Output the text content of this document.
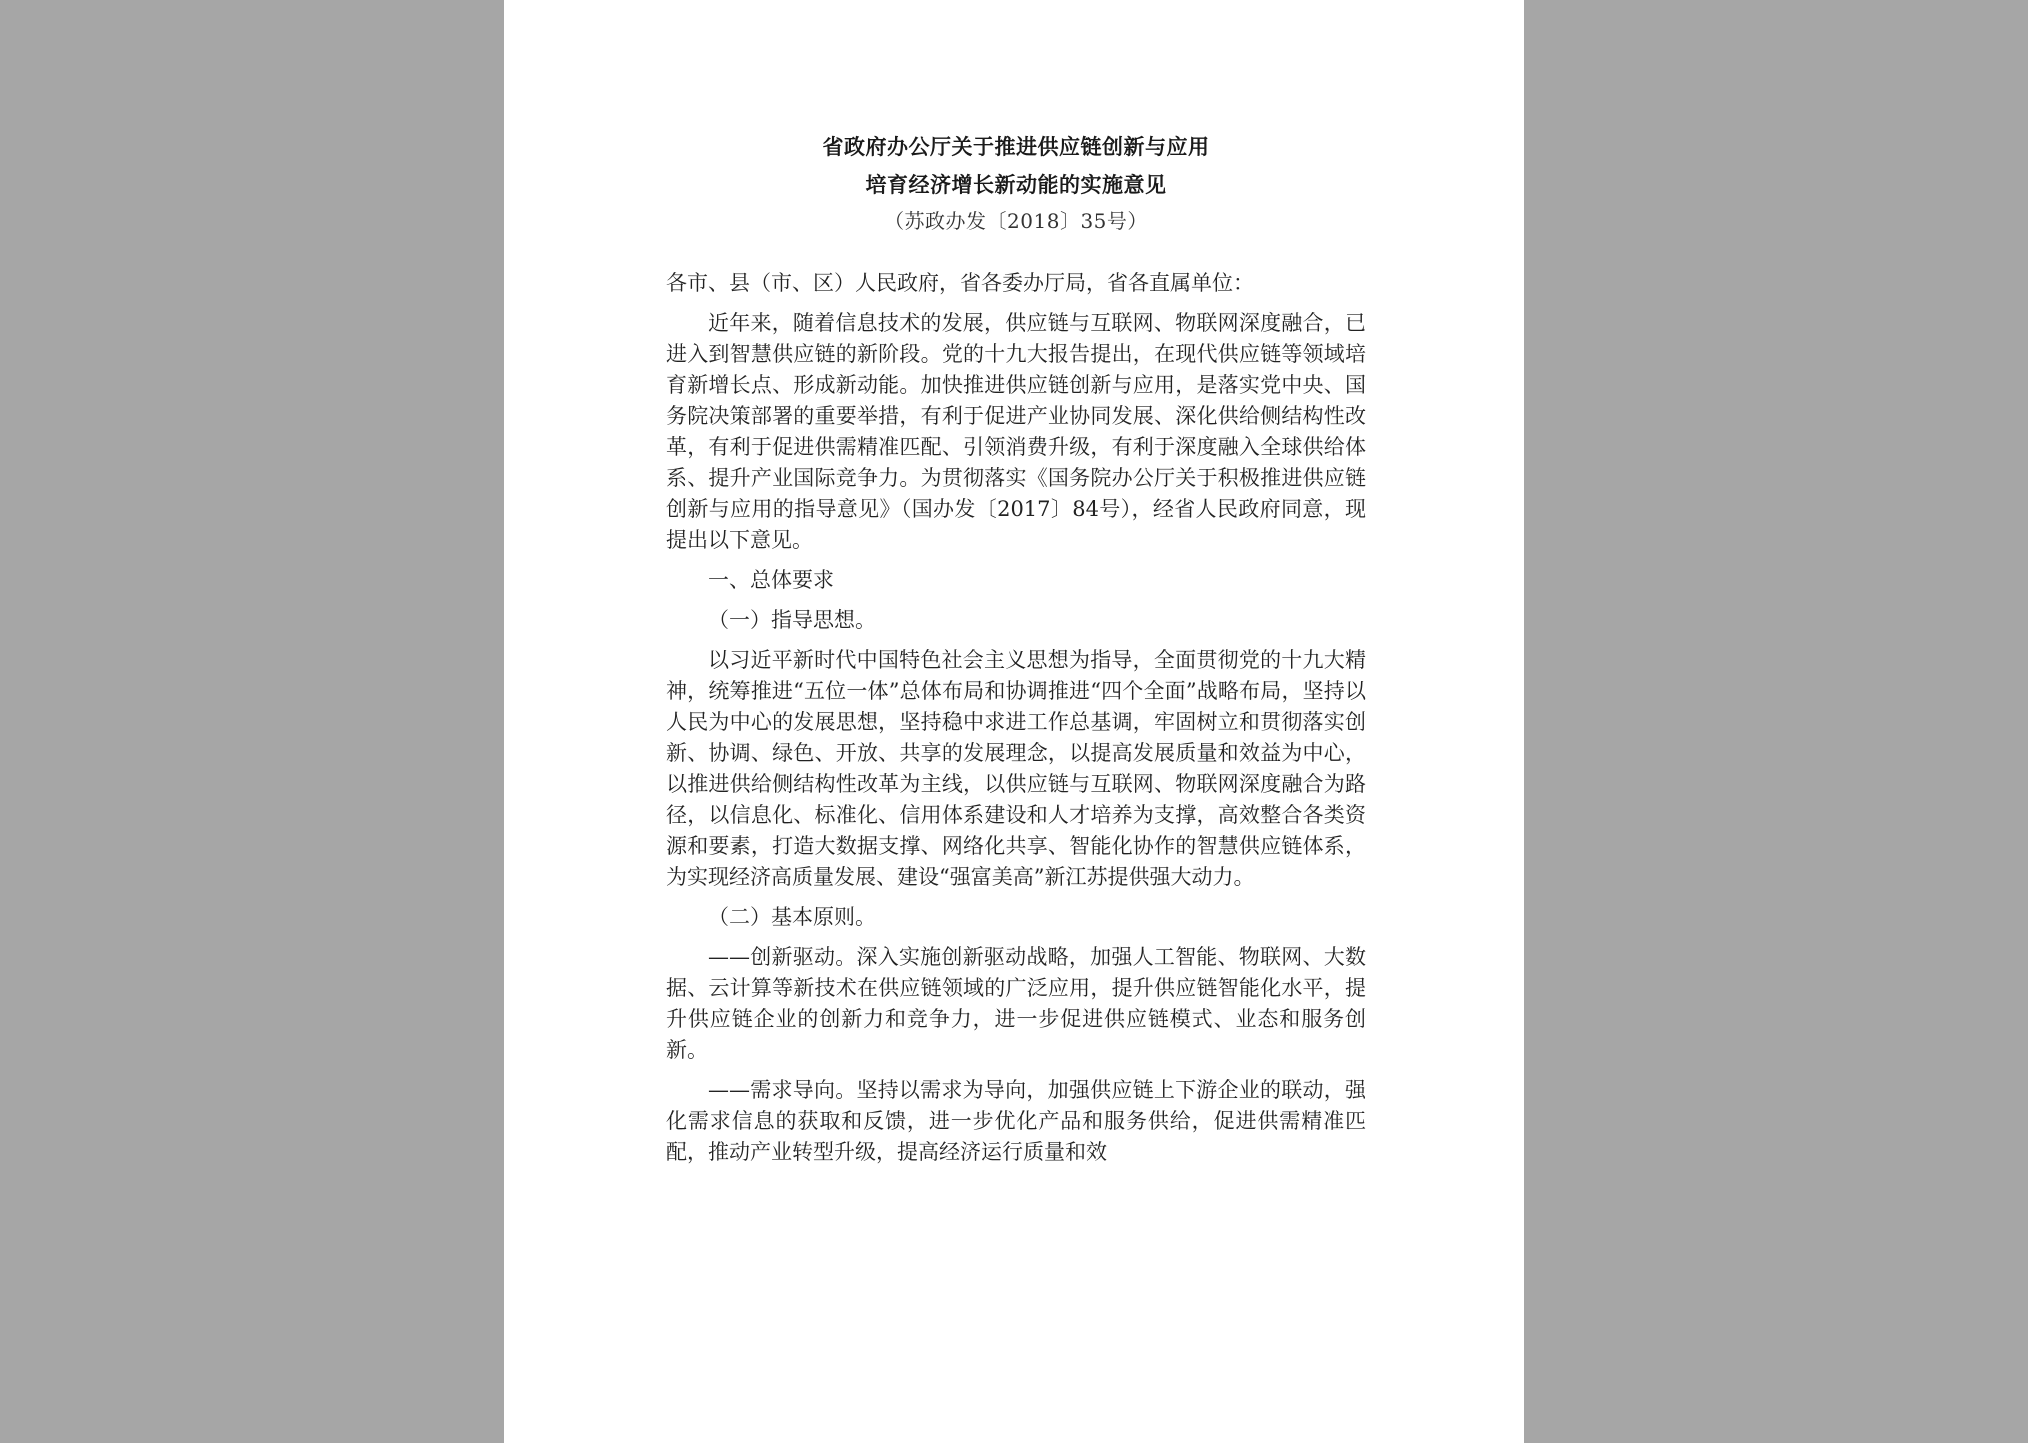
省政府办公厅关于推进供应链创新与应用
培育经济增长新动能的实施意见
（苏政办发〔2018〕35号）

各市、县（市、区）人民政府，省各委办厅局，省各直属单位：

近年来，随着信息技术的发展，供应链与互联网、物联网深度融合，已进入到智慧供应链的新阶段。党的十九大报告提出，在现代供应链等领域培育新增长点、形成新动能。加快推进供应链创新与应用，是落实党中央、国务院决策部署的重要举措，有利于促进产业协同发展、深化供给侧结构性改革，有利于促进供需精准匹配、引领消费升级，有利于深度融入全球供给体系、提升产业国际竞争力。为贯彻落实《国务院办公厅关于积极推进供应链创新与应用的指导意见》（国办发〔2017〕84号），经省人民政府同意，现提出以下意见。

一、总体要求

（一）指导思想。

以习近平新时代中国特色社会主义思想为指导，全面贯彻党的十九大精神，统筹推进“五位一体”总体布局和协调推进“四个全面”战略布局，坚持以人民为中心的发展思想，坚持稳中求进工作总基调，牢固树立和贯彻落实创新、协调、绿色、开放、共享的发展理念，以提高发展质量和效益为中心，以推进供给侧结构性改革为主线，以供应链与互联网、物联网深度融合为路径，以信息化、标准化、信用体系建设和人才培养为支撑，高效整合各类资源和要素，打造大数据支撑、网络化共享、智能化协作的智慧供应链体系，为实现经济高质量发展、建设“强富美高”新江苏提供强大动力。

（二）基本原则。

——创新驱动。深入实施创新驱动战略，加强人工智能、物联网、大数据、云计算等新技术在供应链领域的广泛应用，提升供应链智能化水平，提升供应链企业的创新力和竞争力，进一步促进供应链模式、业态和服务创新。

——需求导向。坚持以需求为导向，加强供应链上下游企业的联动，强化需求信息的获取和反馈，进一步优化产品和服务供给，促进供需精准匹配，推动产业转型升级，提高经济运行质量和效
